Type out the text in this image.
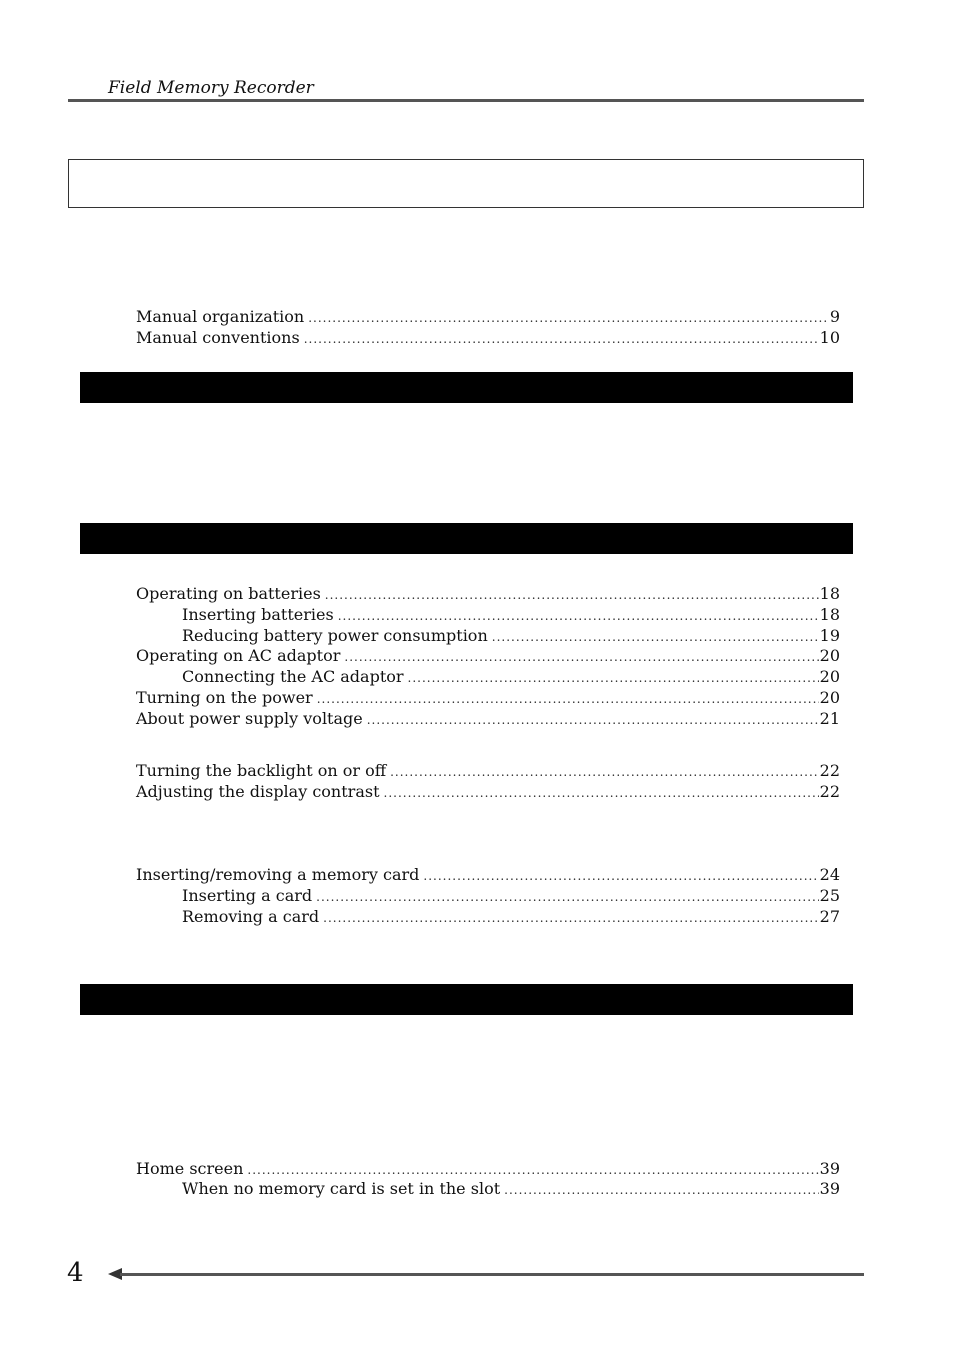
Field Memory Recorder
Manual organization .....	9
Manual conventions .....	10
Operating on batteries .....	18
Inserting batteries .....	18
Reducing battery power consumption .....	19
Operating on AC adaptor .....	20
Connecting the AC adaptor .....	20
Turning on the power .....	20
About power supply voltage .....	21
Turning the backlight on or off .....	22
Adjusting the display contrast .....	22
Inserting/removing a memory card .....	24
Inserting a card .....	25
Removing a card .....	27
Home screen .....	39
When no memory card is set in the slot .....	39
4
